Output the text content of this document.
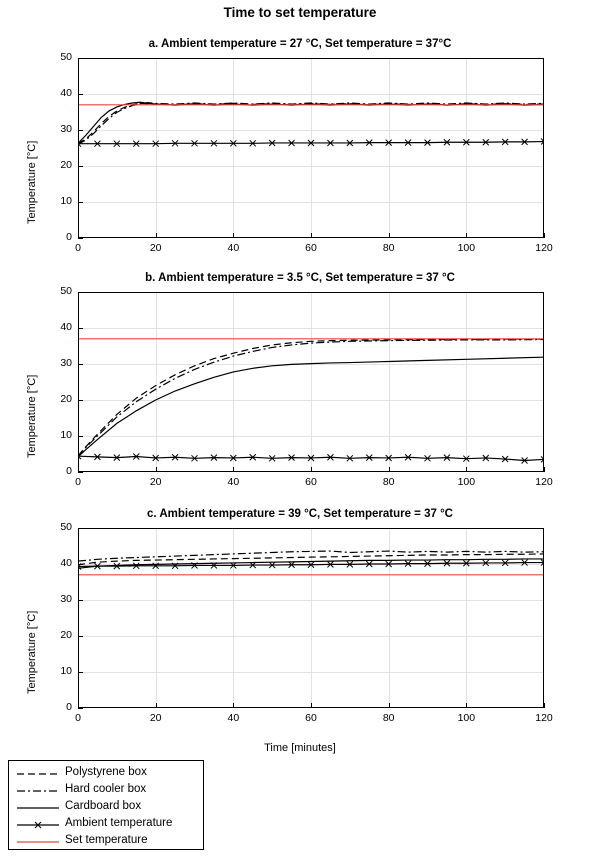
Time to set temperature
a. Ambient temperature = 27 °C, Set temperature = 37°C
Temperature [°C]
0
10
20
30
40
50
0	20	40	60	80	100	120
b. Ambient temperature = 3.5 °C, Set temperature = 37 °C
Temperature [°C]
0
10
20
30
40
50
0	20	40	60	80	100	120
c. Ambient temperature = 39 °C, Set temperature = 37 °C
Temperature [°C]
0
10
20
30
40
50
0	20	40	60	80	100	120
Time [minutes]
Polystyrene box
Hard cooler box
Cardboard box
Ambient temperature
Set temperature
